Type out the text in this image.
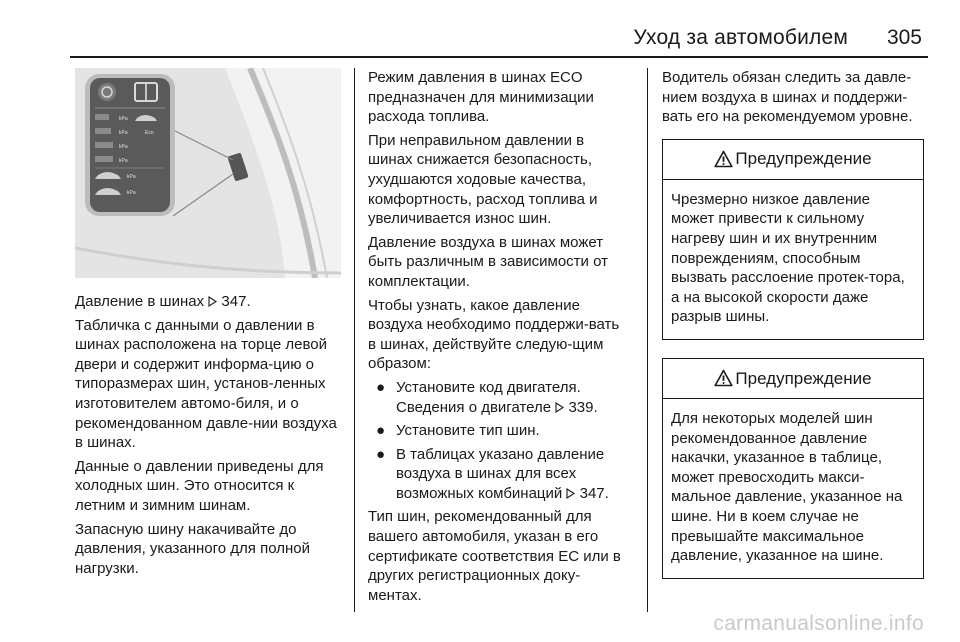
Уход за автомобилем 305
kPa
kPa	Eco
kPa
kPa
kPa
kPa

Давление в шинах 347.

Табличка с данными о давлении в шинах расположена на торце левой двери и содержит информа-цию о типоразмерах шин, установ-ленных изготовителем автомо-биля, и о рекомендованном давле-нии воздуха в шинах.

Данные о давлении приведены для холодных шин. Это относится к летним и зимним шинам.

Запасную шину накачивайте до давления, указанного для полной нагрузки.

Режим давления в шинах ECO предназначен для минимизации расхода топлива.

При неправильном давлении в шинах снижается безопасность, ухудшаются ходовые качества, комфортность, расход топлива и увеличивается износ шин.

Давление воздуха в шинах может быть различным в зависимости от комплектации.

Чтобы узнать, какое давление воздуха необходимо поддержи-вать в шинах, действуйте следую-щим образом:

● Установите код двигателя. Сведения о двигателе 339.
● Установите тип шин.
● В таблицах указано давление воздуха в шинах для всех возможных комбинаций 347.

Тип шин, рекомендованный для вашего автомобиля, указан в его сертификате соответствия ЕС или в других регистрационных доку-ментах.

Водитель обязан следить за давле-нием воздуха в шинах и поддержи-вать его на рекомендуемом уровне.

Предупреждение
Чрезмерно низкое давление может привести к сильному нагреву шин и их внутренним повреждениям, способным вызвать расслоение протек-тора, а на высокой скорости даже разрыв шины.
Предупреждение
Для некоторых моделей шин рекомендованное давление накачки, указанное в таблице, может превосходить макси-мальное давление, указанное на шине. Ни в коем случае не превышайте максимальное давление, указанное на шине.
carmanualsonline.info
